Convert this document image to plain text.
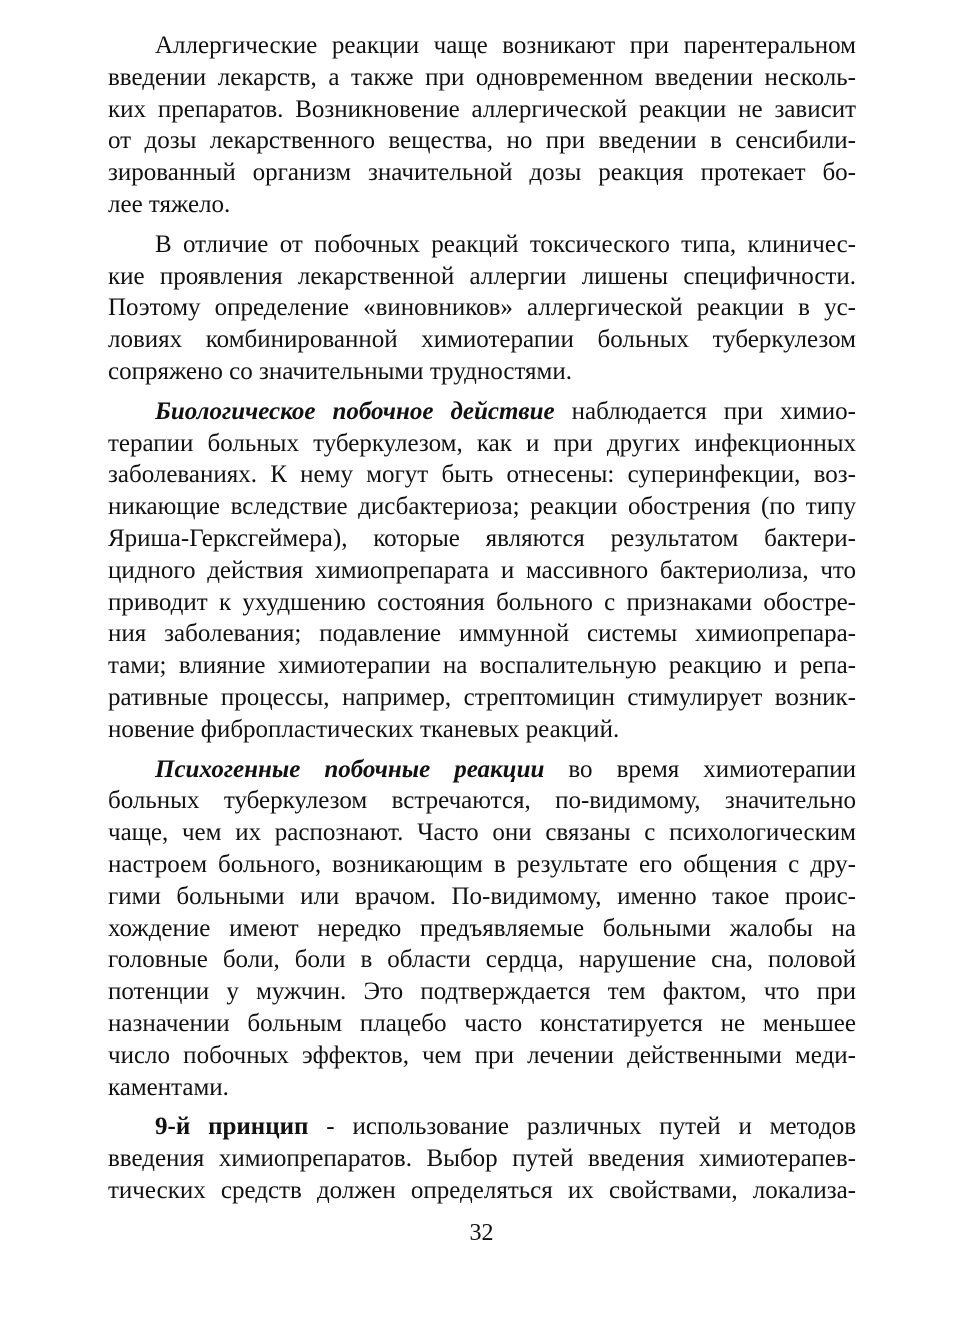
Аллергические реакции чаще возникают при парентеральном
введении лекарств, а также при одновременном введении несколь-
ких препаратов. Возникновение аллергической реакции не зависит
от дозы лекарственного вещества, но при введении в сенсибили-
зированный организм значительной дозы реакция протекает бо-
лее тяжело.
В отличие от побочных реакций токсического типа, клиничес-
кие проявления лекарственной аллергии лишены специфичности.
Поэтому определение «виновников» аллергической реакции в ус-
ловиях комбинированной химиотерапии больных туберкулезом
сопряжено со значительными трудностями.
Биологическое побочное действие наблюдается при химио-
терапии больных туберкулезом, как и при других инфекционных
заболеваниях. К нему могут быть отнесены: суперинфекции, воз-
никающие вследствие дисбактериоза; реакции обострения (по типу
Яриша-Герксгеймера), которые являются результатом бактери-
цидного действия химиопрепарата и массивного бактериолиза, что
приводит к ухудшению состояния больного с признаками обостре-
ния заболевания; подавление иммунной системы химиопрепара-
тами; влияние химиотерапии на воспалительную реакцию и репа-
ративные процессы, например, стрептомицин стимулирует возник-
новение фибропластических тканевых реакций.
Психогенные побочные реакции во время химиотерапии
больных туберкулезом встречаются, по-видимому, значительно
чаще, чем их распознают. Часто они связаны с психологическим
настроем больного, возникающим в результате его общения с дру-
гими больными или врачом. По-видимому, именно такое проис-
хождение имеют нередко предъявляемые больными жалобы на
головные боли, боли в области сердца, нарушение сна, половой
потенции у мужчин. Это подтверждается тем фактом, что при
назначении больным плацебо часто констатируется не меньшее
число побочных эффектов, чем при лечении действенными меди-
каментами.
9-й принцип - использование различных путей и методов
введения химиопрепаратов. Выбор путей введения химиотерапев-
тических средств должен определяться их свойствами, локализа-
32
